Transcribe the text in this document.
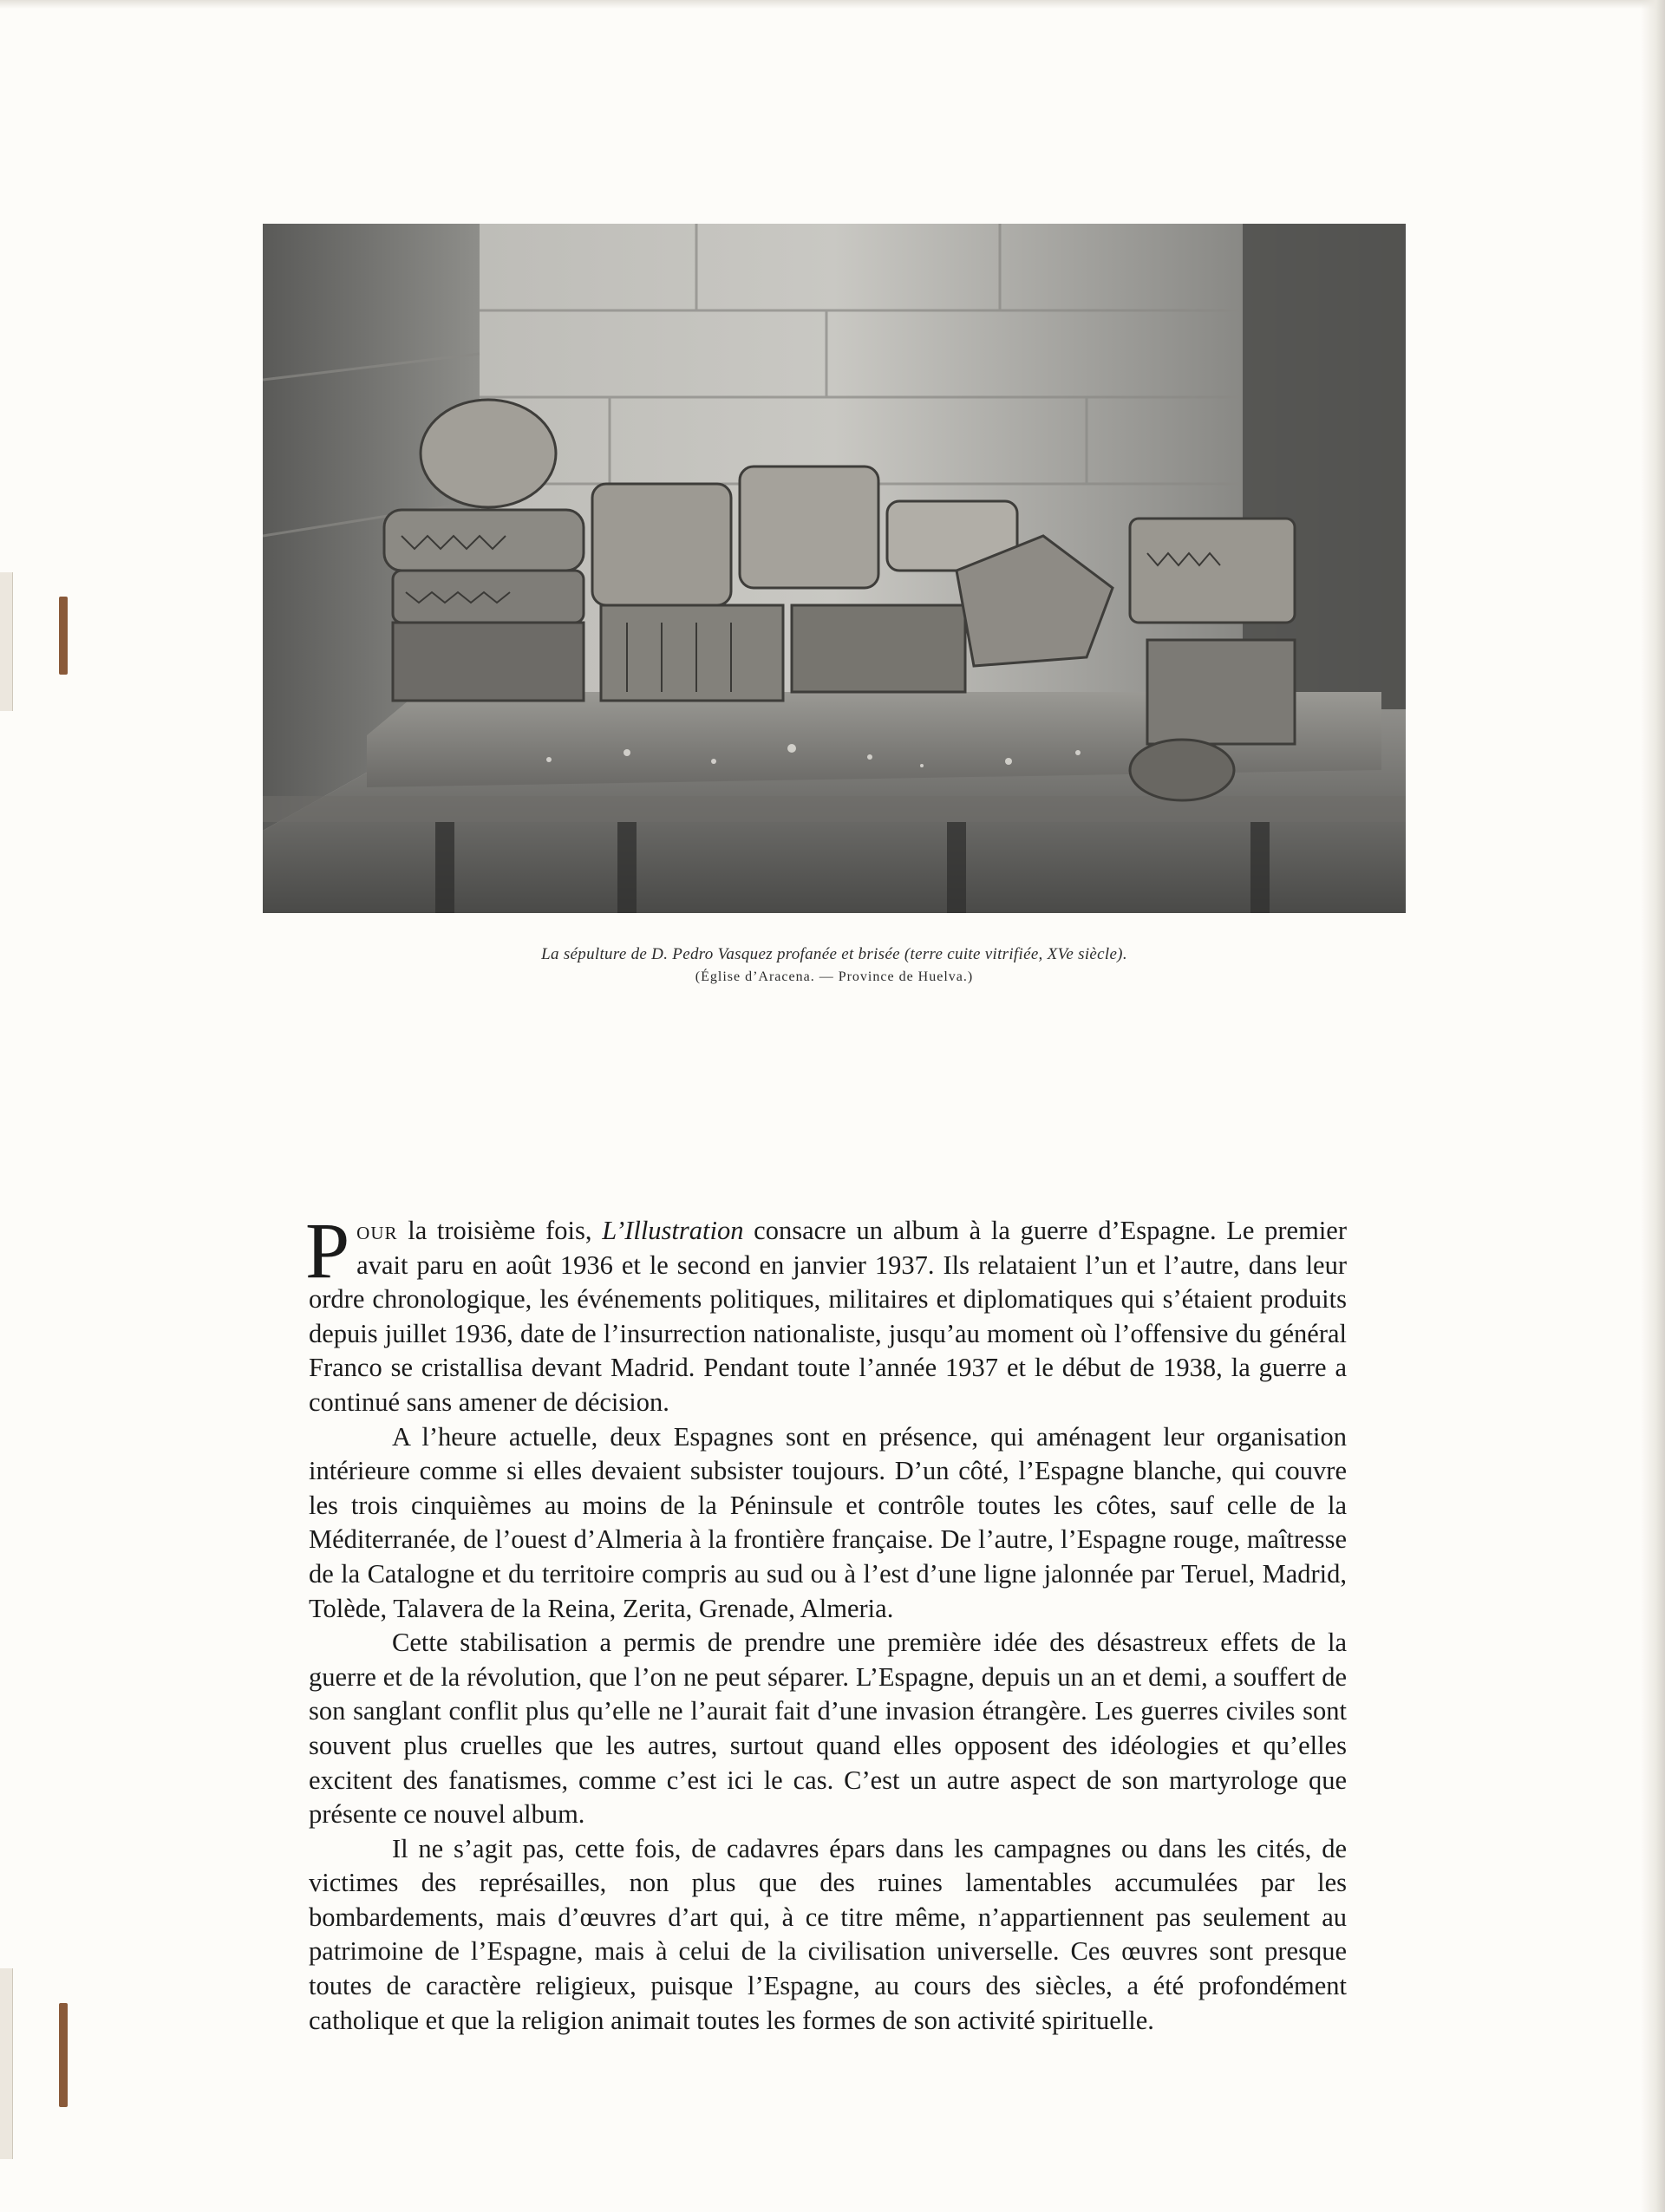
La sépulture de D. Pedro Vasquez profanée et brisée (terre cuite vitrifiée, XVe siècle).
(Église d’Aracena. — Province de Huelva.)

Pour la troisième fois, L’Illustration consacre un album à la guerre d’Espagne. Le premier avait paru en août 1936 et le second en janvier 1937. Ils relataient l’un et l’autre, dans leur ordre chronologique, les événements politiques, militaires et diplomatiques qui s’étaient produits depuis juillet 1936, date de l’insurrection nationaliste, jusqu’au moment où l’offensive du général Franco se cristallisa devant Madrid. Pendant toute l’année 1937 et le début de 1938, la guerre a continué sans amener de décision.

A l’heure actuelle, deux Espagnes sont en présence, qui aménagent leur organisation intérieure comme si elles devaient subsister toujours. D’un côté, l’Espagne blanche, qui couvre les trois cinquièmes au moins de la Péninsule et contrôle toutes les côtes, sauf celle de la Méditerranée, de l’ouest d’Almeria à la frontière française. De l’autre, l’Espagne rouge, maîtresse de la Catalogne et du territoire compris au sud ou à l’est d’une ligne jalonnée par Teruel, Madrid, Tolède, Talavera de la Reina, Zerita, Grenade, Almeria.

Cette stabilisation a permis de prendre une première idée des désastreux effets de la guerre et de la révolution, que l’on ne peut séparer. L’Espagne, depuis un an et demi, a souffert de son sanglant conflit plus qu’elle ne l’aurait fait d’une invasion étrangère. Les guerres civiles sont souvent plus cruelles que les autres, surtout quand elles opposent des idéologies et qu’elles excitent des fanatismes, comme c’est ici le cas. C’est un autre aspect de son martyrologe que présente ce nouvel album.

Il ne s’agit pas, cette fois, de cadavres épars dans les campagnes ou dans les cités, de victimes des représailles, non plus que des ruines lamentables accumulées par les bombardements, mais d’œuvres d’art qui, à ce titre même, n’appartiennent pas seulement au patrimoine de l’Espagne, mais à celui de la civilisation universelle. Ces œuvres sont presque toutes de caractère religieux, puisque l’Espagne, au cours des siècles, a été profondément catholique et que la religion animait toutes les formes de son activité spirituelle.
